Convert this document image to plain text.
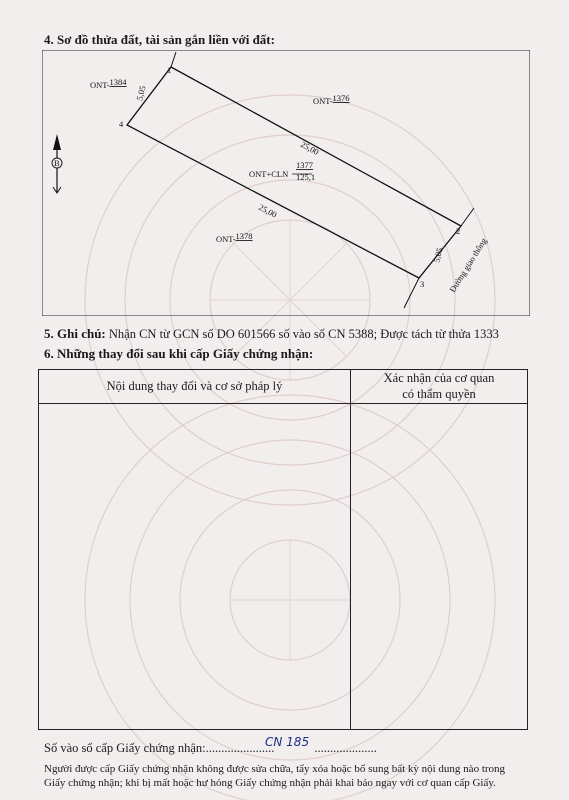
4. Sơ đồ thửa đất, tài sản gắn liền với đất:
ONT-1384
ONT-1376
ONT-1378
ONT+CLN
1377
125,1
25,00
25,00
5,05
5,05
1
2
3
4
Đường giao thông
B
5. Ghi chú: Nhận CN từ GCN số DO 601566 số vào sổ CN 5388; Được tách từ thửa 1333
6. Những thay đổi sau khi cấp Giấy chứng nhận:
Nội dung thay đổi và cơ sở pháp lý
Xác nhận của cơ quan
có thẩm quyền
Số vào sổ cấp Giấy chứng nhận:......................	....................
CN 185
Người được cấp Giấy chứng nhận không được sửa chữa, tẩy xóa hoặc bổ sung bất kỳ nội dung nào trong
Giấy chứng nhận; khi bị mất hoặc hư hỏng Giấy chứng nhận phải khai báo ngay với cơ quan cấp Giấy.
